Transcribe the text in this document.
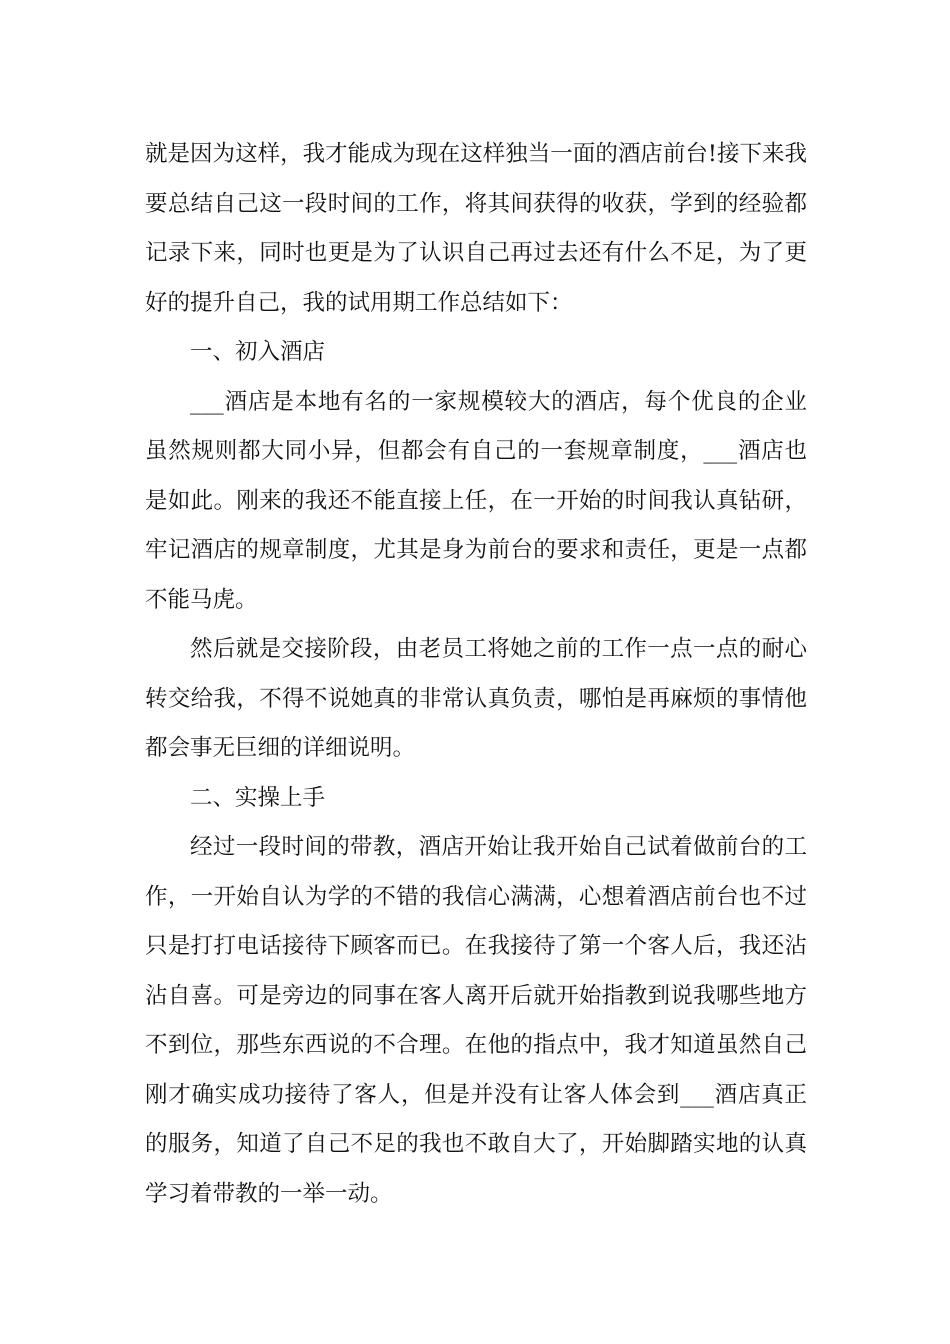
就是因为这样，我才能成为现在这样独当一面的酒店前台!接下来我要总结自己这一段时间的工作，将其间获得的收获，学到的经验都记录下来，同时也更是为了认识自己再过去还有什么不足，为了更好的提升自己，我的试用期工作总结如下：

一、初入酒店

___酒店是本地有名的一家规模较大的酒店，每个优良的企业虽然规则都大同小异，但都会有自己的一套规章制度，___酒店也是如此。刚来的我还不能直接上任，在一开始的时间我认真钻研，牢记酒店的规章制度，尤其是身为前台的要求和责任，更是一点都不能马虎。

然后就是交接阶段，由老员工将她之前的工作一点一点的耐心转交给我，不得不说她真的非常认真负责，哪怕是再麻烦的事情他都会事无巨细的详细说明。

二、实操上手

经过一段时间的带教，酒店开始让我开始自己试着做前台的工作，一开始自认为学的不错的我信心满满，心想着酒店前台也不过只是打打电话接待下顾客而已。在我接待了第一个客人后，我还沾沾自喜。可是旁边的同事在客人离开后就开始指教到说我哪些地方不到位，那些东西说的不合理。在他的指点中，我才知道虽然自己刚才确实成功接待了客人，但是并没有让客人体会到___酒店真正的服务，知道了自己不足的我也不敢自大了，开始脚踏实地的认真学习着带教的一举一动。
